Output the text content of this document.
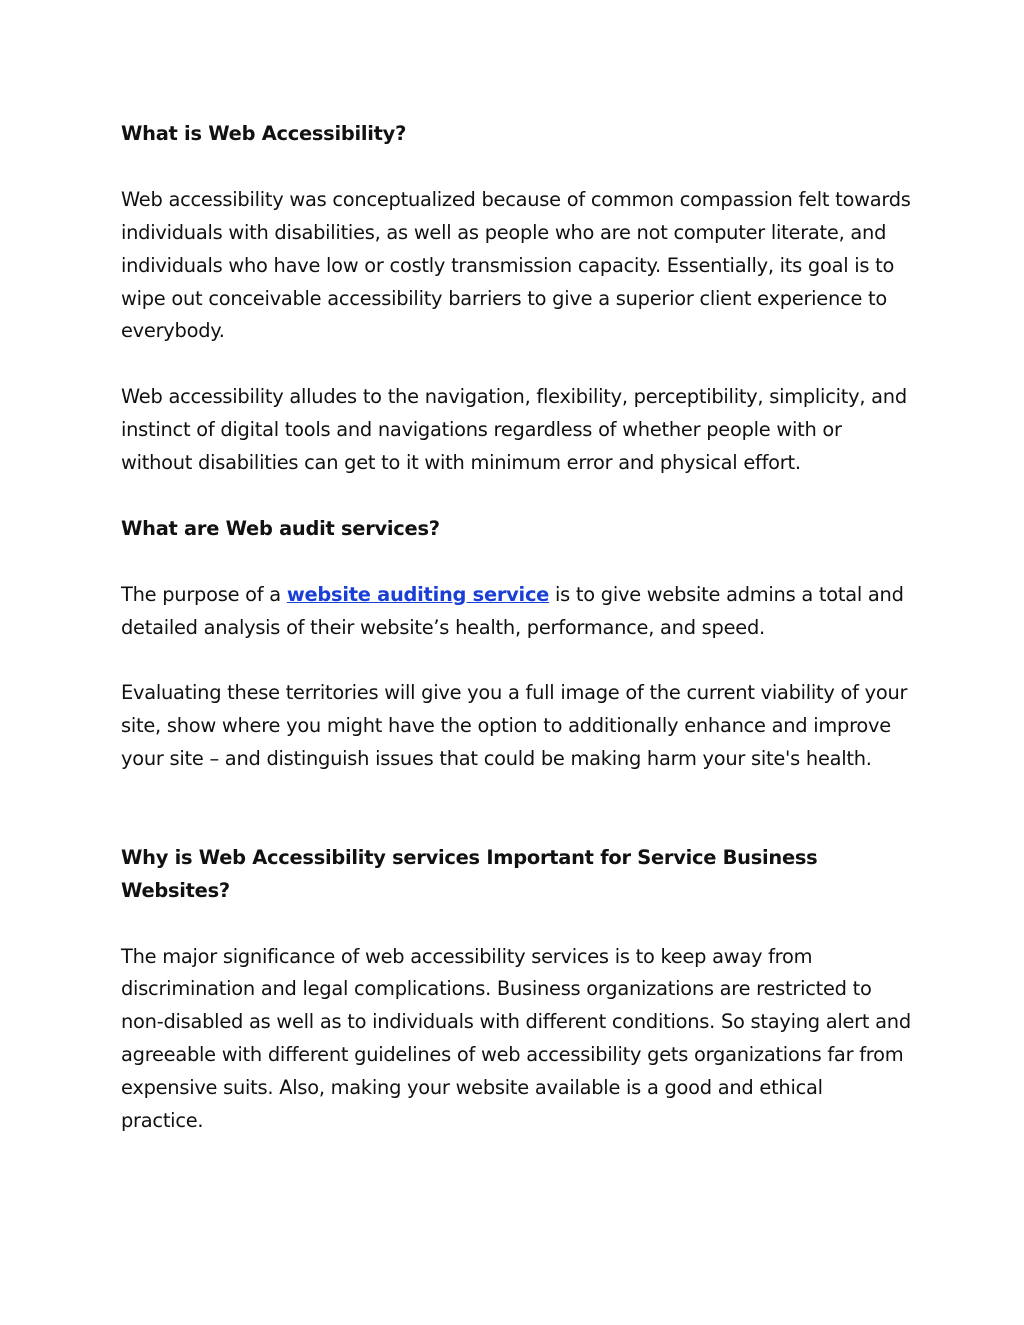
What is Web Accessibility?

Web accessibility was conceptualized because of common compassion felt towards individuals with disabilities, as well as people who are not computer literate, and individuals who have low or costly transmission capacity. Essentially, its goal is to wipe out conceivable accessibility barriers to give a superior client experience to everybody.

Web accessibility alludes to the navigation, flexibility, perceptibility, simplicity, and instinct of digital tools and navigations regardless of whether people with or without disabilities can get to it with minimum error and physical effort.

What are Web audit services?

The purpose of a website auditing service is to give website admins a total and detailed analysis of their website’s health, performance, and speed.

Evaluating these territories will give you a full image of the current viability of your site, show where you might have the option to additionally enhance and improve your site – and distinguish issues that could be making harm your site's health.

Why is Web Accessibility services Important for Service Business Websites?

The major significance of web accessibility services is to keep away from discrimination and legal complications. Business organizations are restricted to non-disabled as well as to individuals with different conditions. So staying alert and agreeable with different guidelines of web accessibility gets organizations far from expensive suits. Also, making your website available is a good and ethical practice.
